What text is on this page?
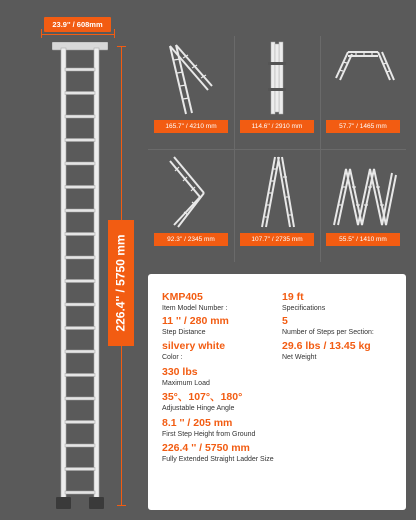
23.9'' / 608mm
226.4'' / 5750 mm
165.7'' / 4210 mm	114.6'' / 2910 mm	57.7'' / 1465 mm
92.3'' / 2345 mm	107.7'' / 2735 mm	55.5'' / 1410 mm
KMP405
Item Model Number :
19 ft
Specifications
11 '' / 280 mm
Step Distance
5
Number of Steps per Section:
silvery white
Color :
29.6 lbs / 13.45 kg
Net Weight
330 lbs
Maximum Load
35°、107°、180°
Adjustable Hinge Angle
8.1 '' / 205 mm
First Step Height from Ground
226.4 '' / 5750 mm
Fully Extended Straight Ladder Size
